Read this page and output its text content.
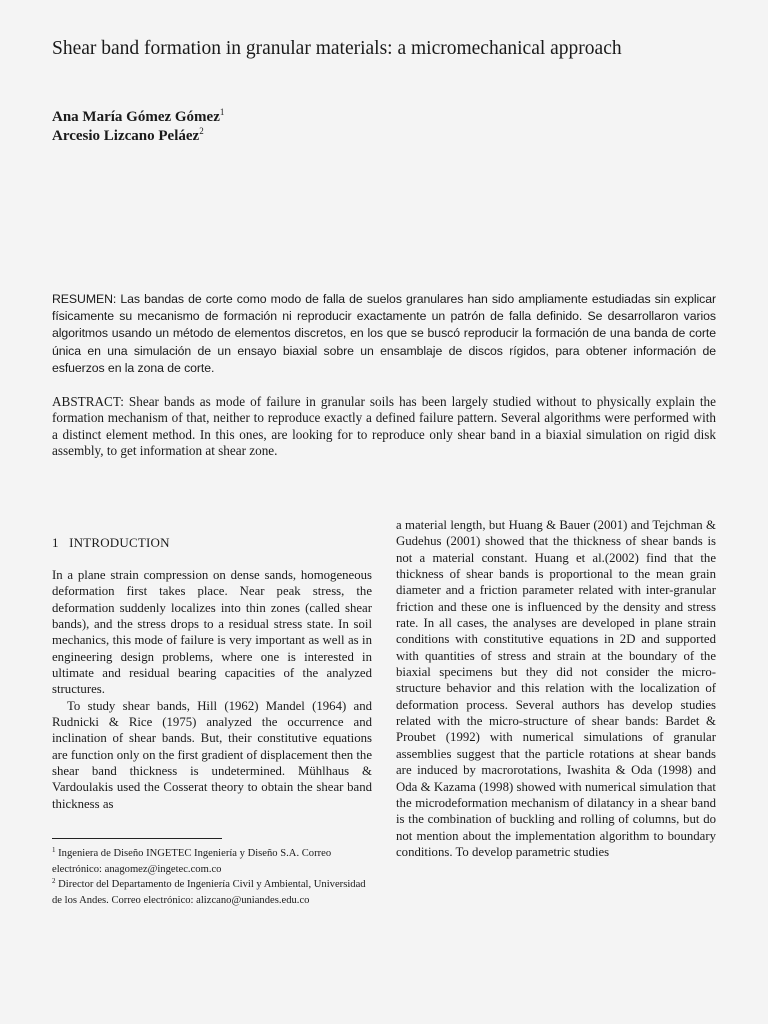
Shear band formation in granular materials: a micromechanical approach
Ana María Gómez Gómez$^1$
Arcesio Lizcano Peláez$^2$

RESUMEN: Las bandas de corte como modo de falla de suelos granulares han sido ampliamente estudiadas sin explicar físicamente su mecanismo de formación ni reproducir exactamente un patrón de falla definido. Se desarrollaron varios algoritmos usando un método de elementos discretos, en los que se buscó reproducir la formación de una banda de corte única en una simulación de un ensayo biaxial sobre un ensamblaje de discos rígidos, para obtener información de esfuerzos en la zona de corte.

ABSTRACT: Shear bands as mode of failure in granular soils has been largely studied without to physically explain the formation mechanism of that, neither to reproduce exactly a defined failure pattern. Several algorithms were performed with a distinct element method. In this ones, are looking for to reproduce only shear band in a biaxial simulation on rigid disk assembly, to get information at shear zone.

1 INTRODUCTION

In a plane strain compression on dense sands, homogeneous deformation first takes place. Near peak stress, the deformation suddenly localizes into thin zones (called shear bands), and the stress drops to a residual stress state. In soil mechanics, this mode of failure is very important as well as in engineering design problems, where one is interested in ultimate and residual bearing capacities of the analyzed structures.

To study shear bands, Hill (1962) Mandel (1964) and Rudnicki & Rice (1975) analyzed the occurrence and inclination of shear bands. But, their constitutive equations are function only on the first gradient of displacement then the shear band thickness is undetermined. Mühlhaus & Vardoulakis used the Cosserat theory to obtain the shear band thickness as

$^1$ Ingeniera de Diseño INGETEC Ingeniería y Diseño S.A. Correo electrónico: anagomez@ingetec.com.co

$^2$ Director del Departamento de Ingeniería Civil y Ambiental, Universidad de los Andes. Correo electrónico: alizcano@uniandes.edu.co

a material length, but Huang & Bauer (2001) and Tejchman & Gudehus (2001) showed that the thickness of shear bands is not a material constant. Huang et al.(2002) find that the thickness of shear bands is proportional to the mean grain diameter and a friction parameter related with inter-granular friction and these one is influenced by the density and stress rate. In all cases, the analyses are developed in plane strain conditions with constitutive equations in 2D and supported with quantities of stress and strain at the boundary of the biaxial specimens but they did not consider the micro-structure behavior and this relation with the localization of deformation process. Several authors has develop studies related with the micro-structure of shear bands: Bardet & Proubet (1992) with numerical simulations of granular assemblies suggest that the particle rotations at shear bands are induced by macrorotations, Iwashita & Oda (1998) and Oda & Kazama (1998) showed with numerical simulation that the microdeformation mechanism of dilatancy in a shear band is the combination of buckling and rolling of columns, but do not mention about the implementation algorithm to boundary conditions. To develop parametric studies
